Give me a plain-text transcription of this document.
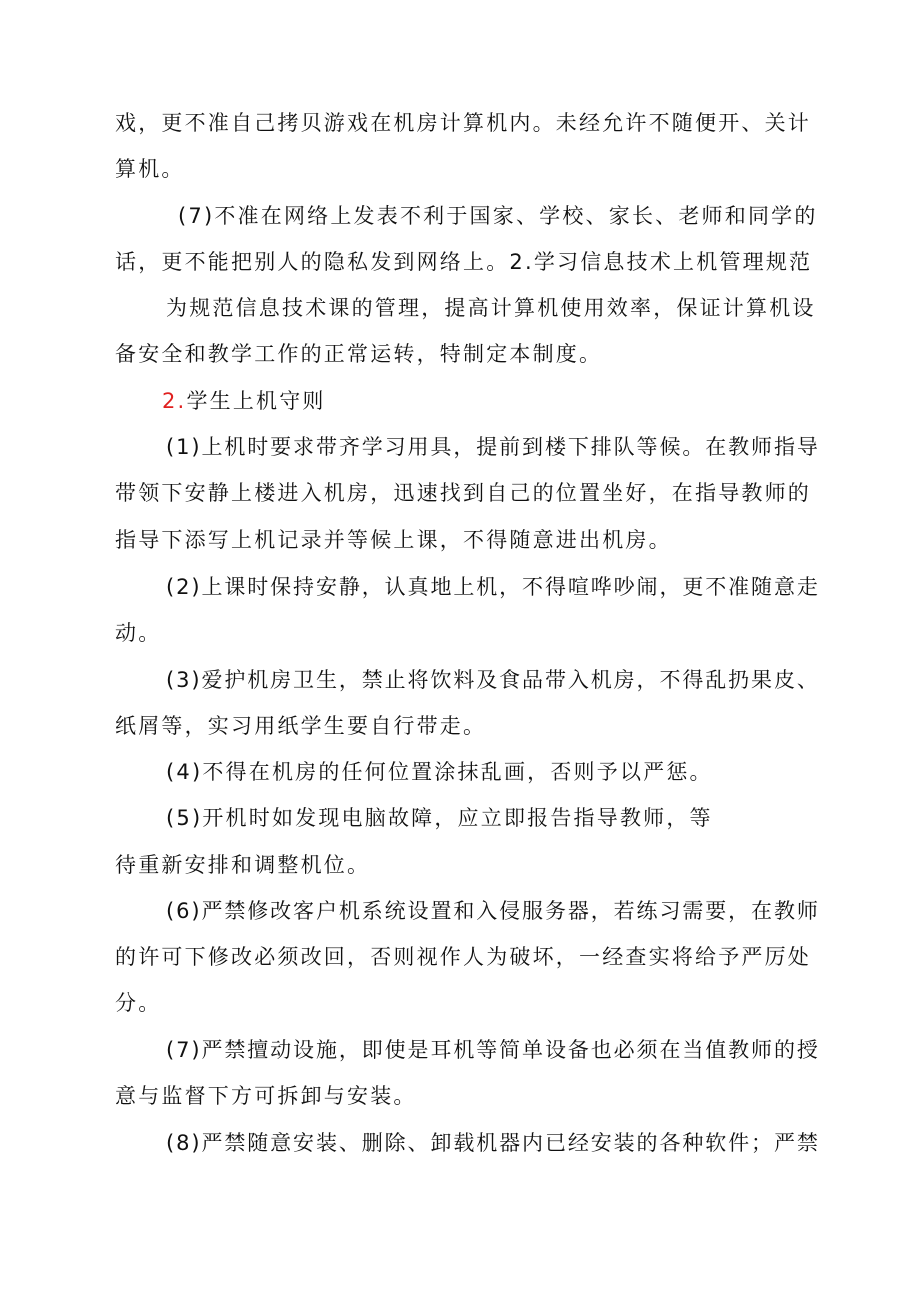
戏，更不准自己拷贝游戏在机房计算机内。未经允许不随便开、关计
算机。
(7)不准在网络上发表不利于国家、学校、家长、老师和同学的
话，更不能把别人的隐私发到网络上。2.学习信息技术上机管理规范
为规范信息技术课的管理，提高计算机使用效率，保证计算机设
备安全和教学工作的正常运转，特制定本制度。
2.学生上机守则
(1)上机时要求带齐学习用具，提前到楼下排队等候。在教师指导
带领下安静上楼进入机房，迅速找到自己的位置坐好，在指导教师的
指导下添写上机记录并等候上课，不得随意进出机房。
(2)上课时保持安静，认真地上机，不得喧哗吵闹，更不准随意走
动。
(3)爱护机房卫生，禁止将饮料及食品带入机房，不得乱扔果皮、
纸屑等，实习用纸学生要自行带走。
(4)不得在机房的任何位置涂抹乱画，否则予以严惩。
(5)开机时如发现电脑故障，应立即报告指导教师，等
待重新安排和调整机位。
(6)严禁修改客户机系统设置和入侵服务器，若练习需要，在教师
的许可下修改必须改回，否则视作人为破坏，一经查实将给予严厉处
分。
(7)严禁擅动设施，即使是耳机等简单设备也必须在当值教师的授
意与监督下方可拆卸与安装。
(8)严禁随意安装、删除、卸载机器内已经安装的各种软件；严禁
